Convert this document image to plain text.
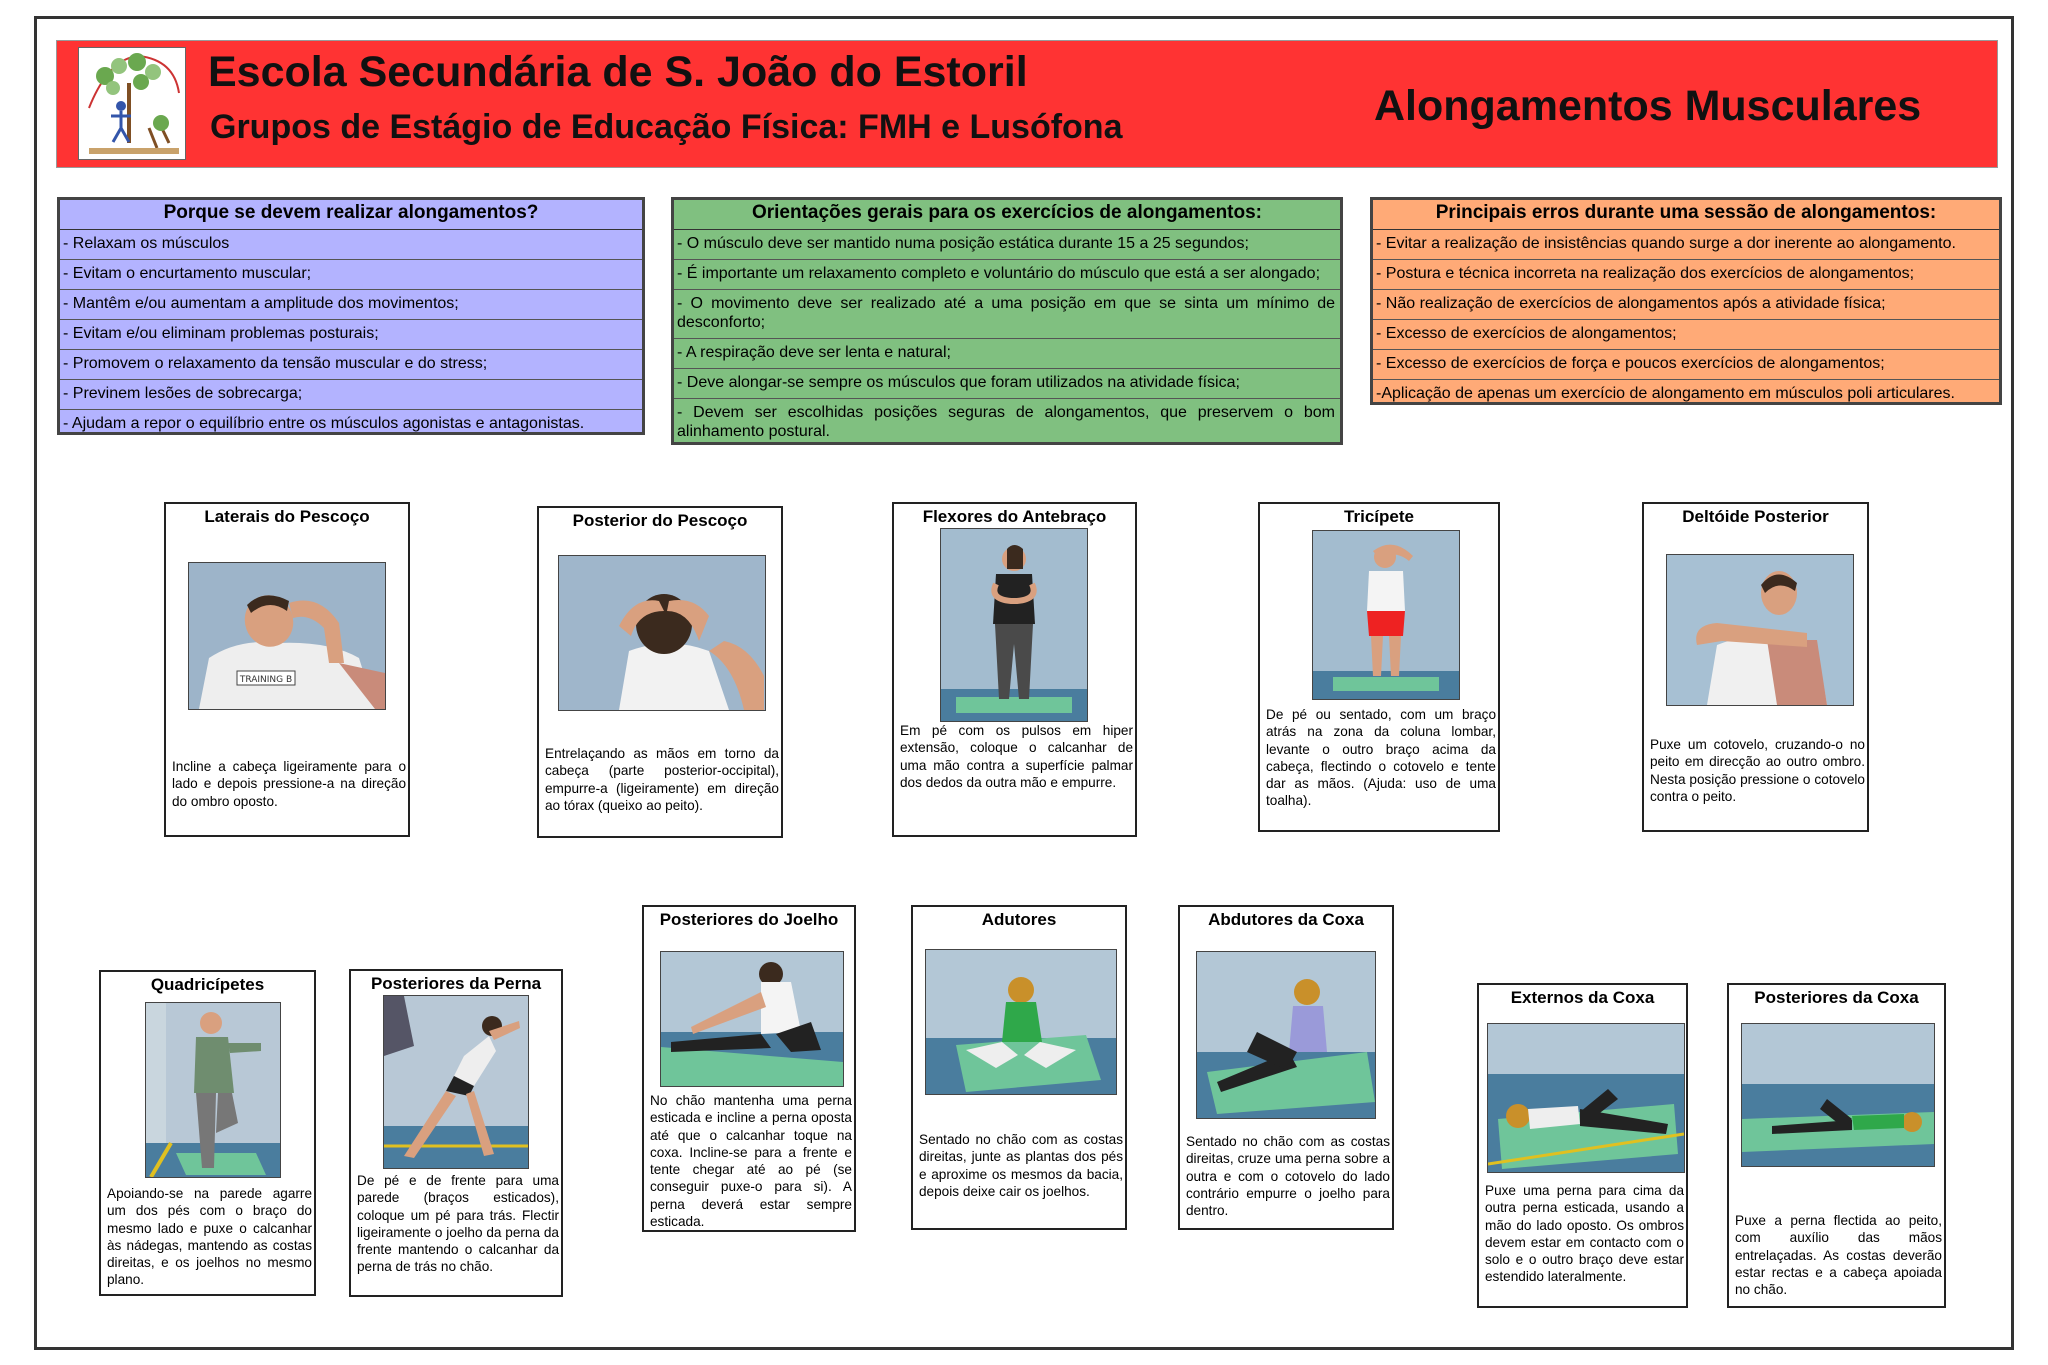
Escola Secundária de S. João do Estoril
Grupos de Estágio de Educação Física: FMH e Lusófona	Alongamentos Musculares
Porque se devem realizar alongamentos?
- Relaxam os músculos
- Evitam o encurtamento muscular;
- Mantêm e/ou aumentam a amplitude dos movimentos;
- Evitam e/ou eliminam problemas posturais;
- Promovem o relaxamento da tensão muscular e do stress;
- Previnem lesões de sobrecarga;
- Ajudam a repor o equilíbrio entre os músculos agonistas e antagonistas.
Orientações gerais para os exercícios de alongamentos:
- O músculo deve ser mantido numa posição estática durante 15 a 25 segundos;
- É importante um relaxamento completo e voluntário do músculo que está a ser alongado;
- O movimento deve ser realizado até a uma posição em que se sinta um mínimo de desconforto;
- A respiração deve ser lenta e natural;
- Deve alongar-se sempre os músculos que foram utilizados na atividade física;
- Devem ser escolhidas posições seguras de alongamentos, que preservem o bom alinhamento postural.
Principais erros durante uma sessão de alongamentos:
- Evitar a realização de insistências quando surge a dor inerente ao alongamento.
- Postura e técnica incorreta na realização dos exercícios de alongamentos;
- Não realização de exercícios de alongamentos após a atividade física;
- Excesso de exercícios de alongamentos;
- Excesso de exercícios de força e poucos exercícios de alongamentos;
-Aplicação de apenas um exercício de alongamento em músculos poli articulares.
Laterais do Pescoço
TRAINING B

Incline a cabeça ligeiramente para o lado e depois pressione-a na direção do ombro oposto.

Posterior do Pescoço

Entrelaçando as mãos em torno da cabeça (parte posterior-occipital), empurre-a (ligeiramente) em direção ao tórax (queixo ao peito).

Flexores do Antebraço

Em pé com os pulsos em hiper extensão, coloque o calcanhar de uma mão contra a superfície palmar dos dedos da outra mão e empurre.

Tricípete

De pé ou sentado, com um braço atrás na zona da coluna lombar, levante o outro braço acima da cabeça, flectindo o cotovelo e tente dar as mãos. (Ajuda: uso de uma toalha).

Deltóide Posterior

Puxe um cotovelo, cruzando-o no peito em direcção ao outro ombro. Nesta posição pressione o cotovelo contra o peito.

Quadricípetes

Apoiando-se na parede agarre um dos pés com o braço do mesmo lado e puxe o calcanhar às nádegas, mantendo as costas direitas, e os joelhos no mesmo plano.

Posteriores da Perna

De pé e de frente para uma parede (braços esticados), coloque um pé para trás. Flectir ligeiramente o joelho da perna da frente mantendo o calcanhar da perna de trás no chão.

Posteriores do Joelho

No chão mantenha uma perna esticada e incline a perna oposta até que o calcanhar toque na coxa. Incline-se para a frente e tente chegar até ao pé (se conseguir puxe-o para si). A perna deverá estar sempre esticada.

Adutores

Sentado no chão com as costas direitas, junte as plantas dos pés e aproxime os mesmos da bacia, depois deixe cair os joelhos.

Abdutores da Coxa

Sentado no chão com as costas direitas, cruze uma perna sobre a outra e com o cotovelo do lado contrário empurre o joelho para dentro.

Externos da Coxa

Puxe uma perna para cima da outra perna esticada, usando a mão do lado oposto. Os ombros devem estar em contacto com o solo e o outro braço deve estar estendido lateralmente.

Posteriores da Coxa

Puxe a perna flectida ao peito, com auxílio das mãos entrelaçadas. As costas deverão estar rectas e a cabeça apoiada no chão.
